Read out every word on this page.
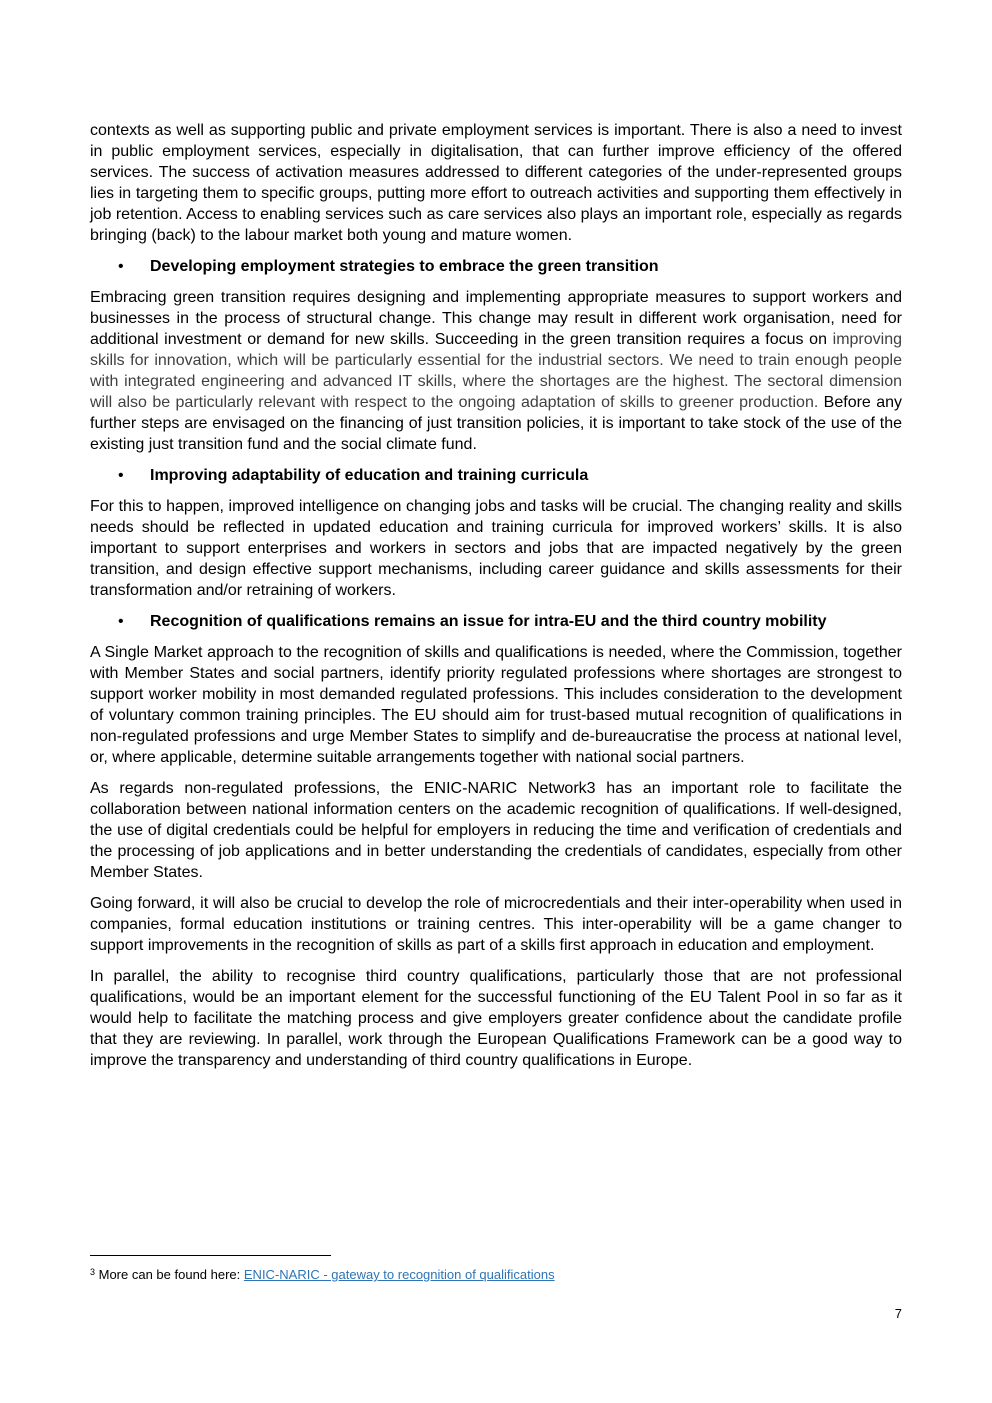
contexts as well as supporting public and private employment services is important. There is also a need to invest in public employment services, especially in digitalisation, that can further improve efficiency of the offered services. The success of activation measures addressed to different categories of the under-represented groups lies in targeting them to specific groups, putting more effort to outreach activities and supporting them effectively in job retention. Access to enabling services such as care services also plays an important role, especially as regards bringing (back) to the labour market both young and mature women.

• Developing employment strategies to embrace the green transition

Embracing green transition requires designing and implementing appropriate measures to support workers and businesses in the process of structural change. This change may result in different work organisation, need for additional investment or demand for new skills. Succeeding in the green transition requires a focus on improving skills for innovation, which will be particularly essential for the industrial sectors. We need to train enough people with integrated engineering and advanced IT skills, where the shortages are the highest. The sectoral dimension will also be particularly relevant with respect to the ongoing adaptation of skills to greener production. Before any further steps are envisaged on the financing of just transition policies, it is important to take stock of the use of the existing just transition fund and the social climate fund.

• Improving adaptability of education and training curricula

For this to happen, improved intelligence on changing jobs and tasks will be crucial. The changing reality and skills needs should be reflected in updated education and training curricula for improved workers’ skills. It is also important to support enterprises and workers in sectors and jobs that are impacted negatively by the green transition, and design effective support mechanisms, including career guidance and skills assessments for their transformation and/or retraining of workers.

• Recognition of qualifications remains an issue for intra-EU and the third country mobility

A Single Market approach to the recognition of skills and qualifications is needed, where the Commission, together with Member States and social partners, identify priority regulated professions where shortages are strongest to support worker mobility in most demanded regulated professions. This includes consideration to the development of voluntary common training principles. The EU should aim for trust-based mutual recognition of qualifications in non-regulated professions and urge Member States to simplify and de-bureaucratise the process at national level, or, where applicable, determine suitable arrangements together with national social partners.

As regards non-regulated professions, the ENIC-NARIC Network3 has an important role to facilitate the collaboration between national information centers on the academic recognition of qualifications. If well-designed, the use of digital credentials could be helpful for employers in reducing the time and verification of credentials and the processing of job applications and in better understanding the credentials of candidates, especially from other Member States.

Going forward, it will also be crucial to develop the role of microcredentials and their inter-operability when used in companies, formal education institutions or training centres. This inter-operability will be a game changer to support improvements in the recognition of skills as part of a skills first approach in education and employment.

In parallel, the ability to recognise third country qualifications, particularly those that are not professional qualifications, would be an important element for the successful functioning of the EU Talent Pool in so far as it would help to facilitate the matching process and give employers greater confidence about the candidate profile that they are reviewing. In parallel, work through the European Qualifications Framework can be a good way to improve the transparency and understanding of third country qualifications in Europe.

$^3$ More can be found here: ENIC-NARIC - gateway to recognition of qualifications
7
